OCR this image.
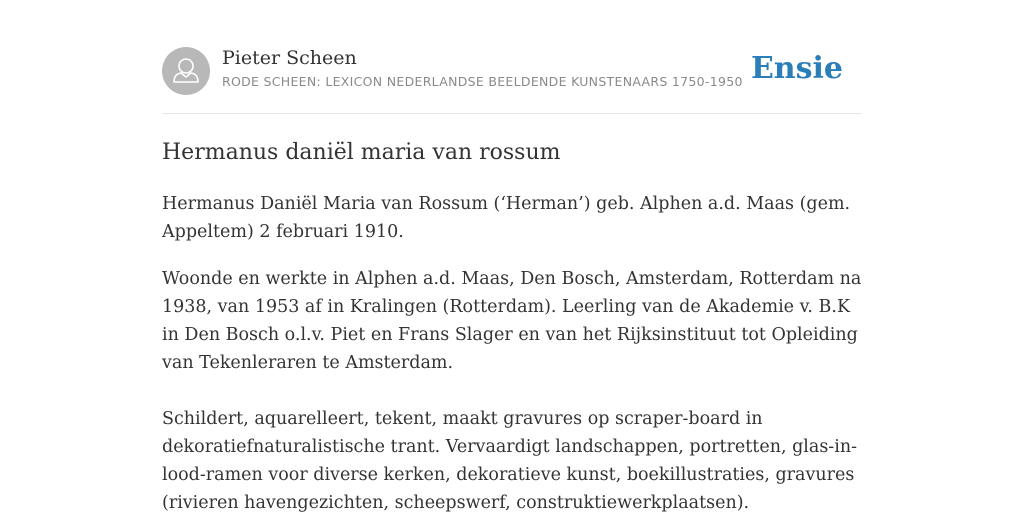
Pieter Scheen
RODE SCHEEN: LEXICON NEDERLANDSE BEELDENDE KUNSTENAARS 1750-1950 Ensie
Hermanus daniël maria van rossum

Hermanus Daniël Maria van Rossum (‘Herman’) geb. Alphen a.d. Maas (gem. Appeltem) 2 februari 1910.

Woonde en werkte in Alphen a.d. Maas, Den Bosch, Amsterdam, Rotterdam na 1938, van 1953 af in Kralingen (Rotterdam). Leerling van de Akademie v. B.K in Den Bosch o.l.v. Piet en Frans Slager en van het Rijksinstituut tot Opleiding van Tekenleraren te Amsterdam.

Schildert, aquarelleert, tekent, maakt gravures op scraper-board in dekoratiefnaturalistische trant. Vervaardigt landschappen, portretten, glas-in-lood-ramen voor diverse kerken, dekoratieve kunst, boekillustraties, gravures (rivieren havengezichten, scheepswerf, construktiewerkplaatsen).
